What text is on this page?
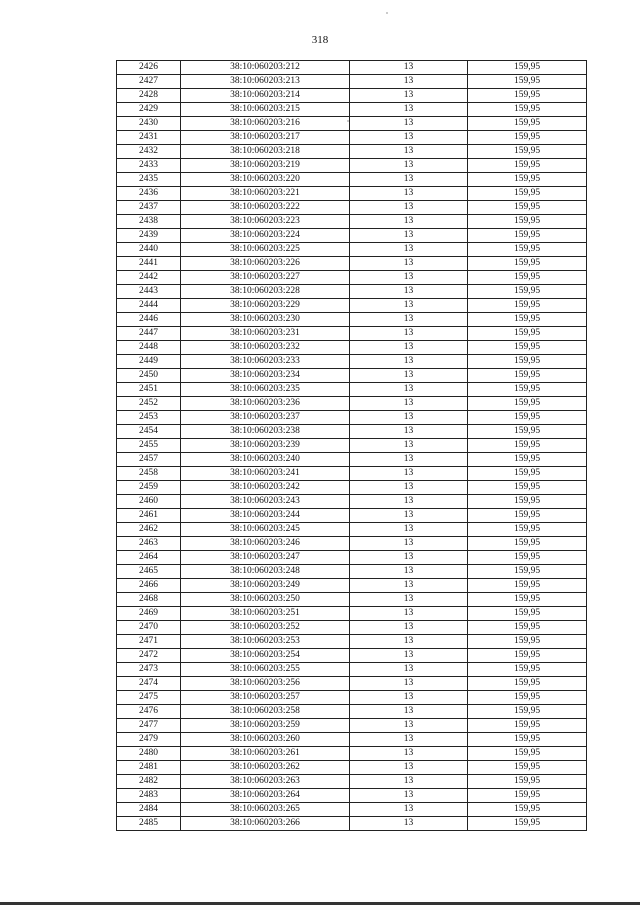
318
2426	38:10:060203:212	13	159,95
2427	38:10:060203:213	13	159,95
2428	38:10:060203:214	13	159,95
2429	38:10:060203:215	13	159,95
2430	38:10:060203:216	13	159,95
2431	38:10:060203:217	13	159,95
2432	38:10:060203:218	13	159,95
2433	38:10:060203:219	13	159,95
2435	38:10:060203:220	13	159,95
2436	38:10:060203:221	13	159,95
2437	38:10:060203:222	13	159,95
2438	38:10:060203:223	13	159,95
2439	38:10:060203:224	13	159,95
2440	38:10:060203:225	13	159,95
2441	38:10:060203:226	13	159,95
2442	38:10:060203:227	13	159,95
2443	38:10:060203:228	13	159,95
2444	38:10:060203:229	13	159,95
2446	38:10:060203:230	13	159,95
2447	38:10:060203:231	13	159,95
2448	38:10:060203:232	13	159,95
2449	38:10:060203:233	13	159,95
2450	38:10:060203:234	13	159,95
2451	38:10:060203:235	13	159,95
2452	38:10:060203:236	13	159,95
2453	38:10:060203:237	13	159,95
2454	38:10:060203:238	13	159,95
2455	38:10:060203:239	13	159,95
2457	38:10:060203:240	13	159,95
2458	38:10:060203:241	13	159,95
2459	38:10:060203:242	13	159,95
2460	38:10:060203:243	13	159,95
2461	38:10:060203:244	13	159,95
2462	38:10:060203:245	13	159,95
2463	38:10:060203:246	13	159,95
2464	38:10:060203:247	13	159,95
2465	38:10:060203:248	13	159,95
2466	38:10:060203:249	13	159,95
2468	38:10:060203:250	13	159,95
2469	38:10:060203:251	13	159,95
2470	38:10:060203:252	13	159,95
2471	38:10:060203:253	13	159,95
2472	38:10:060203:254	13	159,95
2473	38:10:060203:255	13	159,95
2474	38:10:060203:256	13	159,95
2475	38:10:060203:257	13	159,95
2476	38:10:060203:258	13	159,95
2477	38:10:060203:259	13	159,95
2479	38:10:060203:260	13	159,95
2480	38:10:060203:261	13	159,95
2481	38:10:060203:262	13	159,95
2482	38:10:060203:263	13	159,95
2483	38:10:060203:264	13	159,95
2484	38:10:060203:265	13	159,95
2485	38:10:060203:266	13	159,95
